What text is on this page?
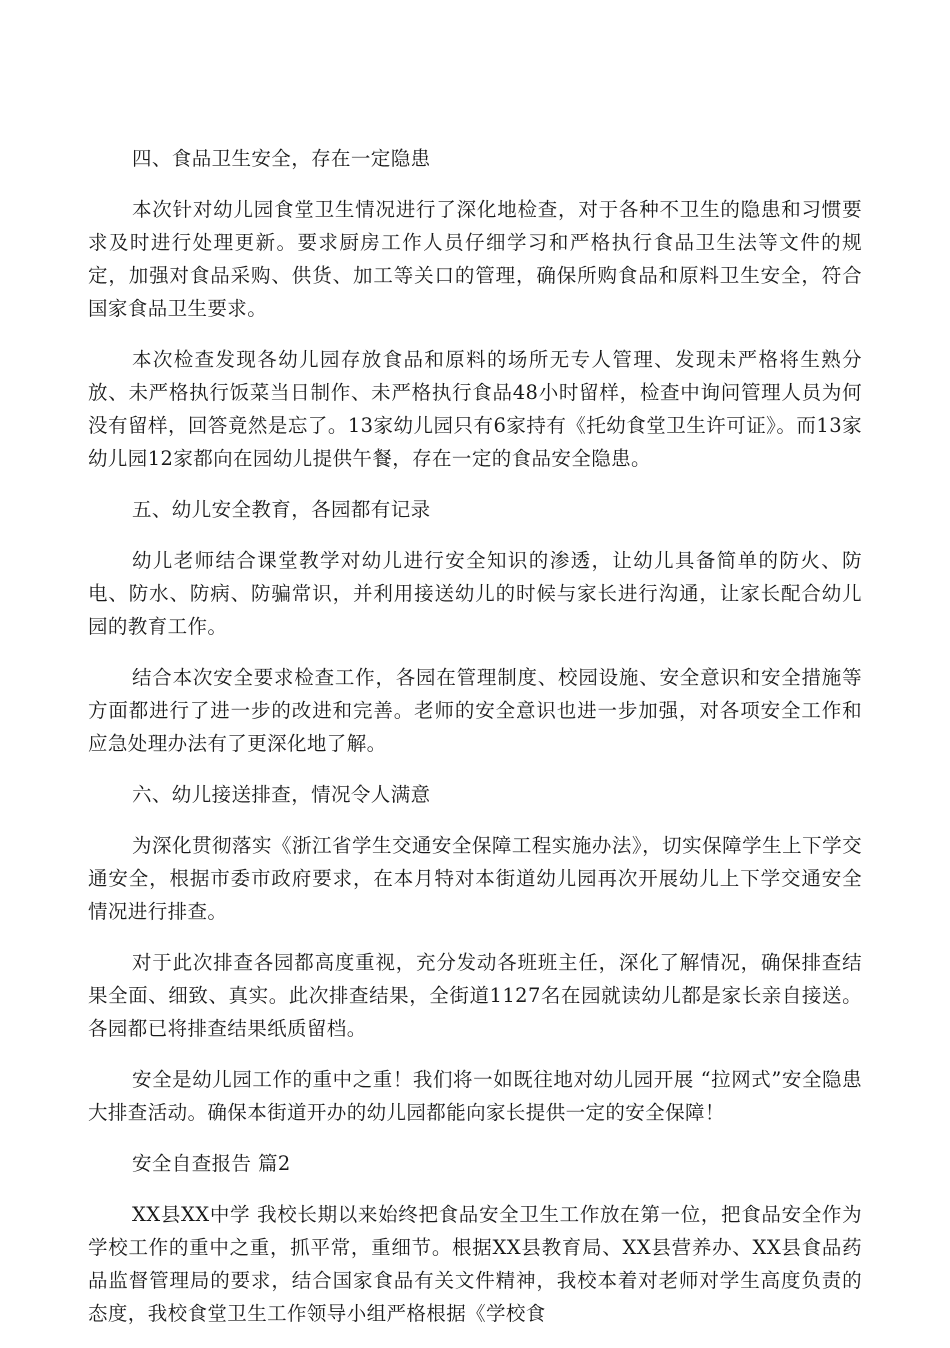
四、食品卫生安全，存在一定隐患

本次针对幼儿园食堂卫生情况进行了深化地检查，对于各种不卫生的隐患和习惯要求及时进行处理更新。要求厨房工作人员仔细学习和严格执行食品卫生法等文件的规定，加强对食品采购、供货、加工等关口的管理，确保所购食品和原料卫生安全，符合国家食品卫生要求。

本次检查发现各幼儿园存放食品和原料的场所无专人管理、发现未严格将生熟分放、未严格执行饭菜当日制作、未严格执行食品48小时留样，检查中询问管理人员为何没有留样，回答竟然是忘了。13家幼儿园只有6家持有《托幼食堂卫生许可证》。而13家幼儿园12家都向在园幼儿提供午餐，存在一定的食品安全隐患。

五、幼儿安全教育，各园都有记录

幼儿老师结合课堂教学对幼儿进行安全知识的渗透，让幼儿具备简单的防火、防电、防水、防病、防骗常识，并利用接送幼儿的时候与家长进行沟通，让家长配合幼儿园的教育工作。

结合本次安全要求检查工作，各园在管理制度、校园设施、安全意识和安全措施等方面都进行了进一步的改进和完善。老师的安全意识也进一步加强，对各项安全工作和应急处理办法有了更深化地了解。

六、幼儿接送排查，情况令人满意

为深化贯彻落实《浙江省学生交通安全保障工程实施办法》，切实保障学生上下学交通安全，根据市委市政府要求，在本月特对本街道幼儿园再次开展幼儿上下学交通安全情况进行排查。

对于此次排查各园都高度重视，充分发动各班班主任，深化了解情况，确保排查结果全面、细致、真实。此次排查结果，全街道1127名在园就读幼儿都是家长亲自接送。各园都已将排查结果纸质留档。

安全是幼儿园工作的重中之重！我们将一如既往地对幼儿园开展 “拉网式”安全隐患大排查活动。确保本街道开办的幼儿园都能向家长提供一定的安全保障！

安全自查报告 篇2

XX县XX中学 我校长期以来始终把食品安全卫生工作放在第一位，把食品安全作为学校工作的重中之重，抓平常，重细节。根据XX县教育局、XX县营养办、XX县食品药品监督管理局的要求，结合国家食品有关文件精神，我校本着对老师对学生高度负责的态度，我校食堂卫生工作领导小组严格根据《学校食
